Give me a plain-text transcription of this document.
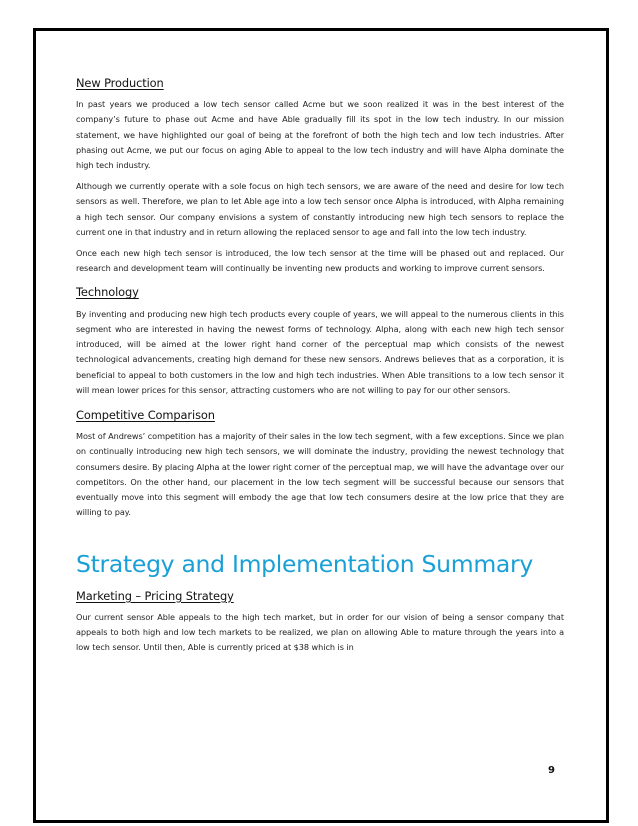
New Production

In past years we produced a low tech sensor called Acme but we soon realized it was in the best interest of the company’s future to phase out Acme and have Able gradually fill its spot in the low tech industry. In our mission statement, we have highlighted our goal of being at the forefront of both the high tech and low tech industries. After phasing out Acme, we put our focus on aging Able to appeal to the low tech industry and will have Alpha dominate the high tech industry.

Although we currently operate with a sole focus on high tech sensors, we are aware of the need and desire for low tech sensors as well. Therefore, we plan to let Able age into a low tech sensor once Alpha is introduced, with Alpha remaining a high tech sensor. Our company envisions a system of constantly introducing new high tech sensors to replace the current one in that industry and in return allowing the replaced sensor to age and fall into the low tech industry.

Once each new high tech sensor is introduced, the low tech sensor at the time will be phased out and replaced. Our research and development team will continually be inventing new products and working to improve current sensors.

Technology

By inventing and producing new high tech products every couple of years, we will appeal to the numerous clients in this segment who are interested in having the newest forms of technology. Alpha, along with each new high tech sensor introduced, will be aimed at the lower right hand corner of the perceptual map which consists of the newest technological advancements, creating high demand for these new sensors. Andrews believes that as a corporation, it is beneficial to appeal to both customers in the low and high tech industries. When Able transitions to a low tech sensor it will mean lower prices for this sensor, attracting customers who are not willing to pay for our other sensors.

Competitive Comparison

Most of Andrews’ competition has a majority of their sales in the low tech segment, with a few exceptions. Since we plan on continually introducing new high tech sensors, we will dominate the industry, providing the newest technology that consumers desire. By placing Alpha at the lower right corner of the perceptual map, we will have the advantage over our competitors. On the other hand, our placement in the low tech segment will be successful because our sensors that eventually move into this segment will embody the age that low tech consumers desire at the low price that they are willing to pay.

Strategy and Implementation Summary
Marketing – Pricing Strategy

Our current sensor Able appeals to the high tech market, but in order for our vision of being a sensor company that appeals to both high and low tech markets to be realized, we plan on allowing Able to mature through the years into a low tech sensor. Until then, Able is currently priced at $38 which is in

9
